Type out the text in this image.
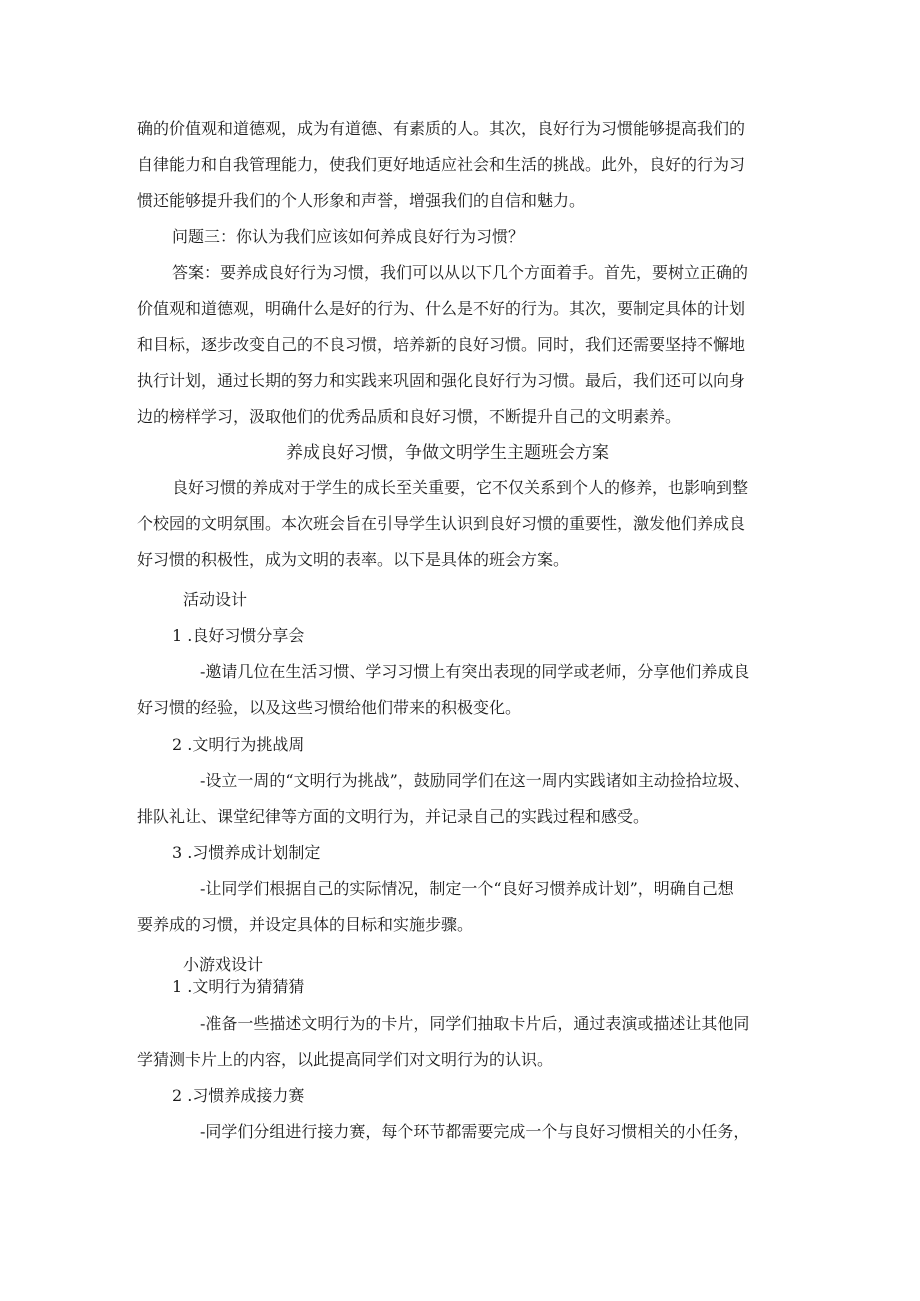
确的价值观和道德观，成为有道德、有素质的人。其次，良好行为习惯能够提高我们的
自律能力和自我管理能力，使我们更好地适应社会和生活的挑战。此外，良好的行为习
惯还能够提升我们的个人形象和声誉，增强我们的自信和魅力。
问题三：你认为我们应该如何养成良好行为习惯？
答案：要养成良好行为习惯，我们可以从以下几个方面着手。首先，要树立正确的
价值观和道德观，明确什么是好的行为、什么是不好的行为。其次，要制定具体的计划
和目标，逐步改变自己的不良习惯，培养新的良好习惯。同时，我们还需要坚持不懈地
执行计划，通过长期的努力和实践来巩固和强化良好行为习惯。最后，我们还可以向身
边的榜样学习，汲取他们的优秀品质和良好习惯，不断提升自己的文明素养。
养成良好习惯，争做文明学生主题班会方案
良好习惯的养成对于学生的成长至关重要，它不仅关系到个人的修养，也影响到整
个校园的文明氛围。本次班会旨在引导学生认识到良好习惯的重要性，激发他们养成良
好习惯的积极性，成为文明的表率。以下是具体的班会方案。
活动设计
1 .良好习惯分享会
-邀请几位在生活习惯、学习习惯上有突出表现的同学或老师，分享他们养成良
好习惯的经验，以及这些习惯给他们带来的积极变化。
2 .文明行为挑战周
-设立一周的“文明行为挑战”，鼓励同学们在这一周内实践诸如主动捡拾垃圾、
排队礼让、课堂纪律等方面的文明行为，并记录自己的实践过程和感受。
3 .习惯养成计划制定
-让同学们根据自己的实际情况，制定一个“良好习惯养成计划”，明确自己想
要养成的习惯，并设定具体的目标和实施步骤。
小游戏设计
1 .文明行为猜猜猜
-准备一些描述文明行为的卡片，同学们抽取卡片后，通过表演或描述让其他同
学猜测卡片上的内容，以此提高同学们对文明行为的认识。
2 .习惯养成接力赛
-同学们分组进行接力赛，每个环节都需要完成一个与良好习惯相关的小任务，
